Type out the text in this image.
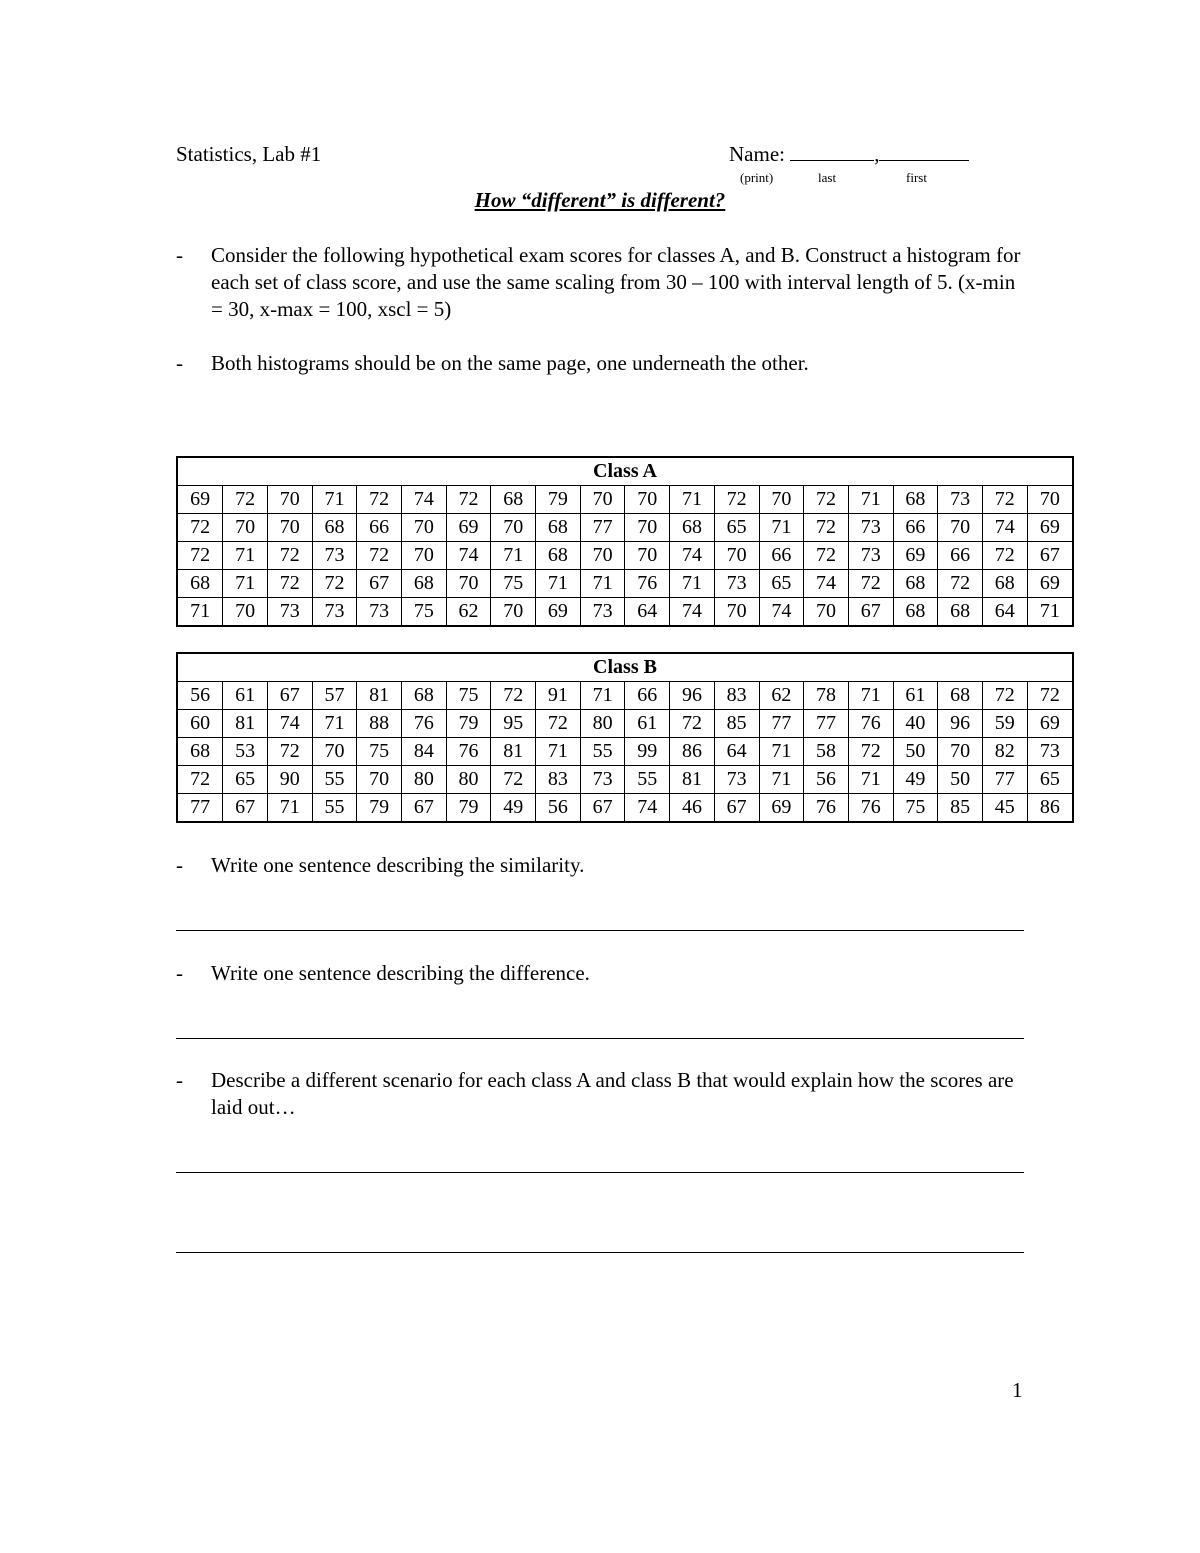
Statistics, Lab #1	Name:	,
(print)	last	first
How “different” is different?
- Consider the following hypothetical exam scores for classes A, and B. Construct a histogram for each set of class score, and use the same scaling from 30 – 100 with interval length of 5. (x-min = 30, x-max = 100, xscl = 5)
- Both histograms should be on the same page, one underneath the other.
Class A																			
69	72	70	71	72	74	72	68	79	70	70	71	72	70	72	71	68	73	72	70
72	70	70	68	66	70	69	70	68	77	70	68	65	71	72	73	66	70	74	69
72	71	72	73	72	70	74	71	68	70	70	74	70	66	72	73	69	66	72	67
68	71	72	72	67	68	70	75	71	71	76	71	73	65	74	72	68	72	68	69
71	70	73	73	73	75	62	70	69	73	64	74	70	74	70	67	68	68	64	71
Class B																			
56	61	67	57	81	68	75	72	91	71	66	96	83	62	78	71	61	68	72	72
60	81	74	71	88	76	79	95	72	80	61	72	85	77	77	76	40	96	59	69
68	53	72	70	75	84	76	81	71	55	99	86	64	71	58	72	50	70	82	73
72	65	90	55	70	80	80	72	83	73	55	81	73	71	56	71	49	50	77	65
77	67	71	55	79	67	79	49	56	67	74	46	67	69	76	76	75	85	45	86
- Write one sentence describing the similarity.
- Write one sentence describing the difference.
- Describe a different scenario for each class A and class B that would explain how the scores are laid out…
1
